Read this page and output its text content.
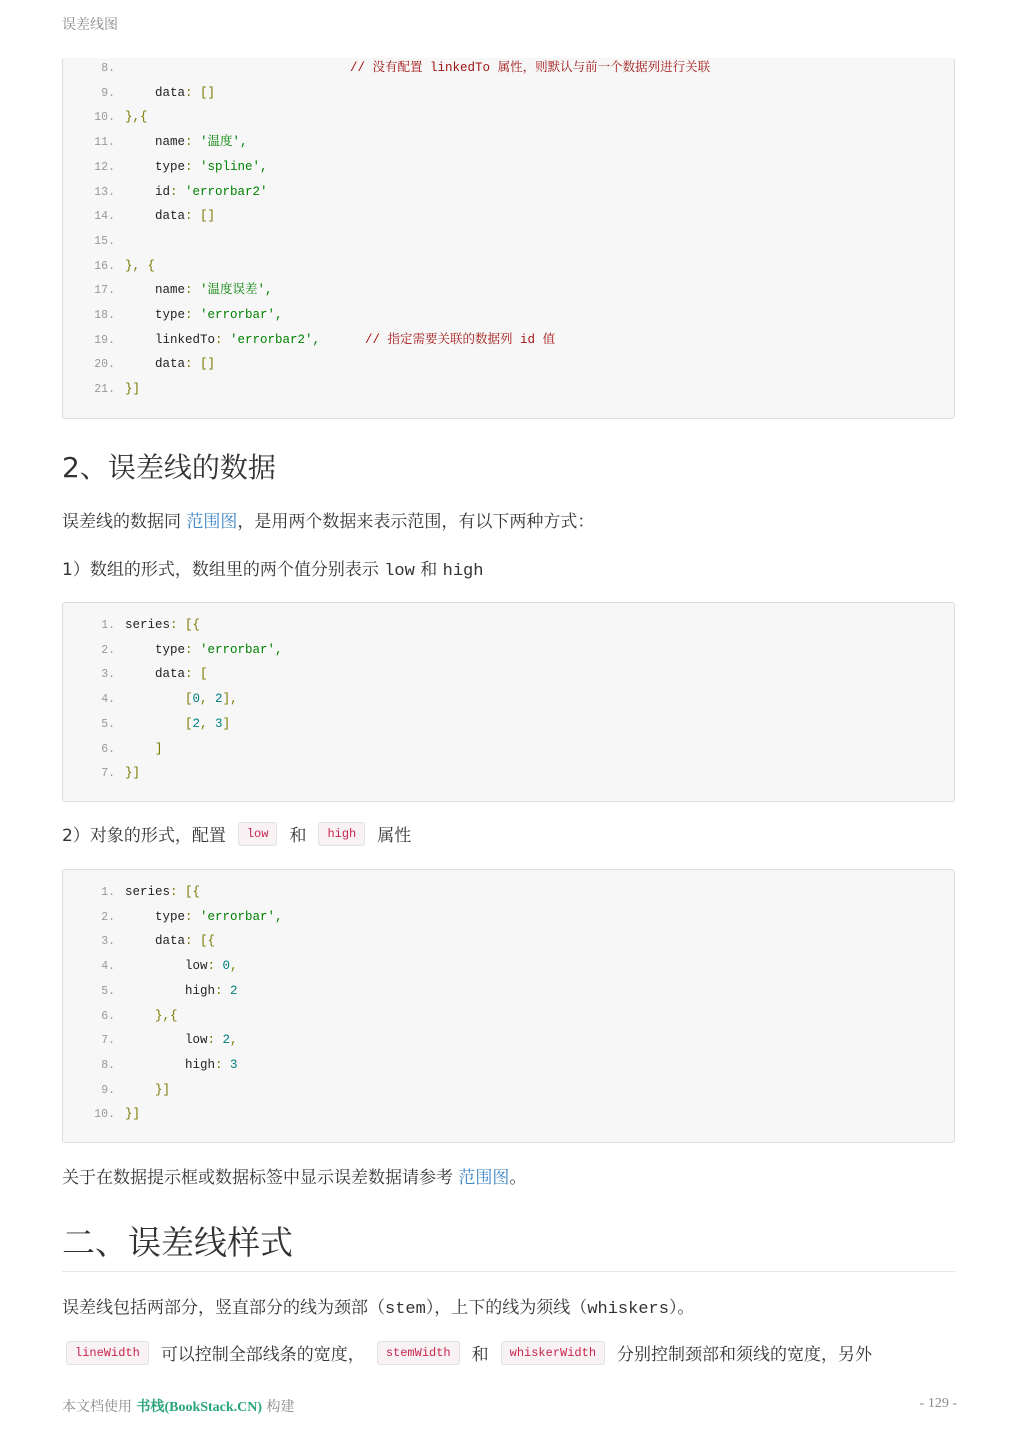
误差线图
8.	// 没有配置 linkedTo 属性，则默认与前一个数据列进行关联
9. data: []
10. },{
11. name: '温度',
12. type: 'spline',
13. id: 'errorbar2'
14. data: []
15.
16. }, {
17. name: '温度误差',
18. type: 'errorbar',
19. linkedTo: 'errorbar2',      // 指定需要关联的数据列 id 值
20. data: []
21. }]
2、误差线的数据
误差线的数据同 范围图，是用两个数据来表示范围，有以下两种方式：
1）数组的形式，数组里的两个值分别表示 low 和 high
1. series: [{
2. type: 'errorbar',
3. data: [
4. [0, 2],
5. [2, 3]
6. ]
7. }]
2）对象的形式，配置 low 和 high 属性
1. series: [{
2. type: 'errorbar',
3. data: [{
4. low: 0,
5. high: 2
6. },{
7. low: 2,
8. high: 3
9. }]
10. }]
关于在数据提示框或数据标签中显示误差数据请参考 范围图。
二、误差线样式
误差线包括两部分，竖直部分的线为颈部（stem），上下的线为须线（whiskers）。
lineWidth 可以控制全部线条的宽度， stemWidth 和 whiskerWidth 分别控制颈部和须线的宽度，另外
本文档使用 书栈(BookStack.CN) 构建	- 129 -
